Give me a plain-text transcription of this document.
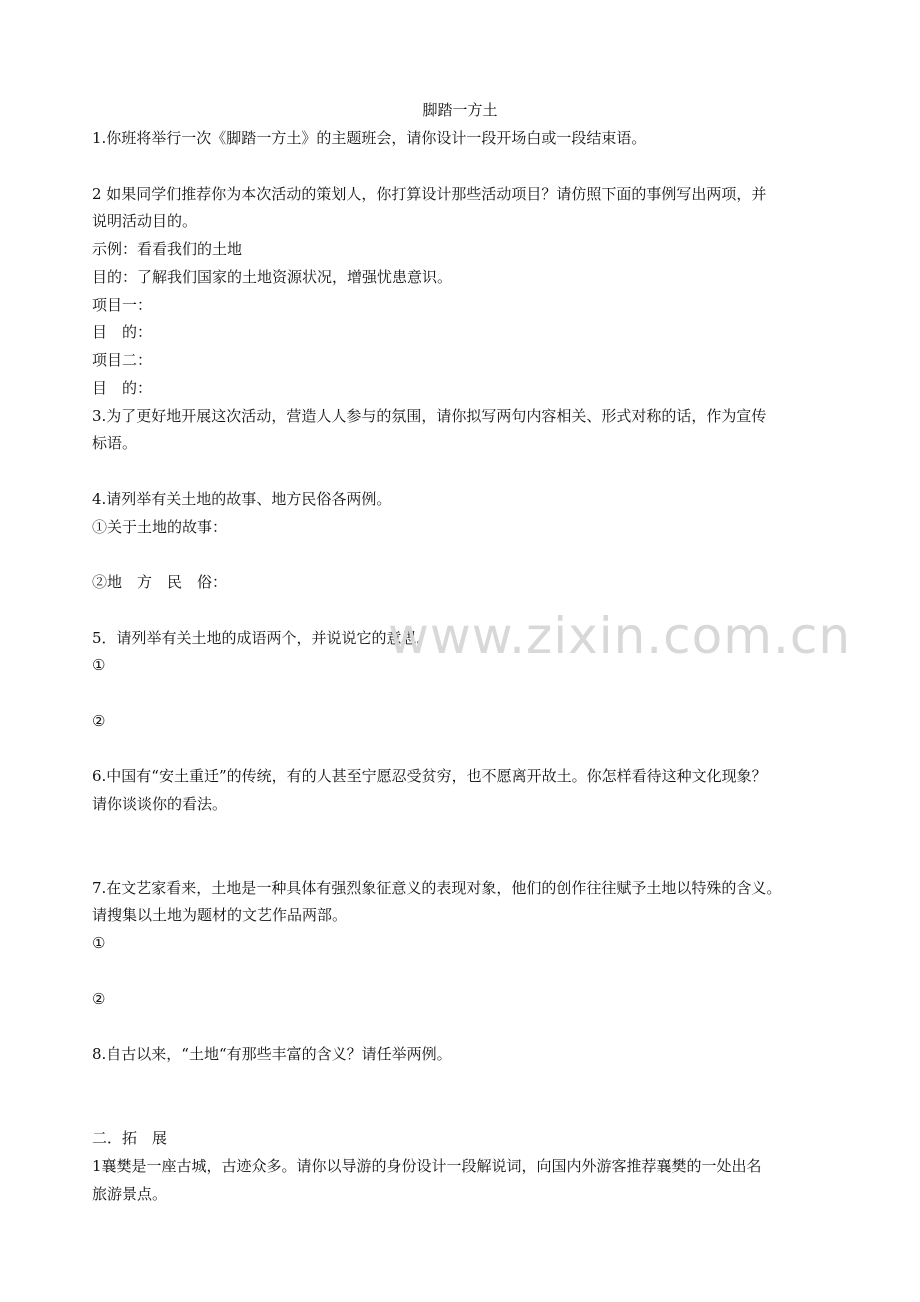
脚踏一方土
1.你班将举行一次《脚踏一方土》的主题班会，请你设计一段开场白或一段结束语。
2 如果同学们推荐你为本次活动的策划人，你打算设计那些活动项目？请仿照下面的事例写出两项，并
说明活动目的。
示例：看看我们的土地
目的：了解我们国家的土地资源状况，增强忧患意识。
项目一：
目　的：
项目二：
目　的：
3.为了更好地开展这次活动，营造人人参与的氛围，请你拟写两句内容相关、形式对称的话，作为宣传
标语。
4.请列举有关土地的故事、地方民俗各两例。
①关于土地的故事：
②地　方　民　俗：
5．请列举有关土地的成语两个，并说说它的意思。
①
②
6.中国有“安土重迁”的传统，有的人甚至宁愿忍受贫穷，也不愿离开故土。你怎样看待这种文化现象？
请你谈谈你的看法。
7.在文艺家看来，土地是一种具体有强烈象征意义的表现对象，他们的创作往往赋予土地以特殊的含义。
请搜集以土地为题材的文艺作品两部。
①
②
8.自古以来，“土地“有那些丰富的含义？请任举两例。
二．拓　展
1襄樊是一座古城，古迹众多。请你以导游的身份设计一段解说词，向国内外游客推荐襄樊的一处出名
旅游景点。
www.zixin.com.cn
